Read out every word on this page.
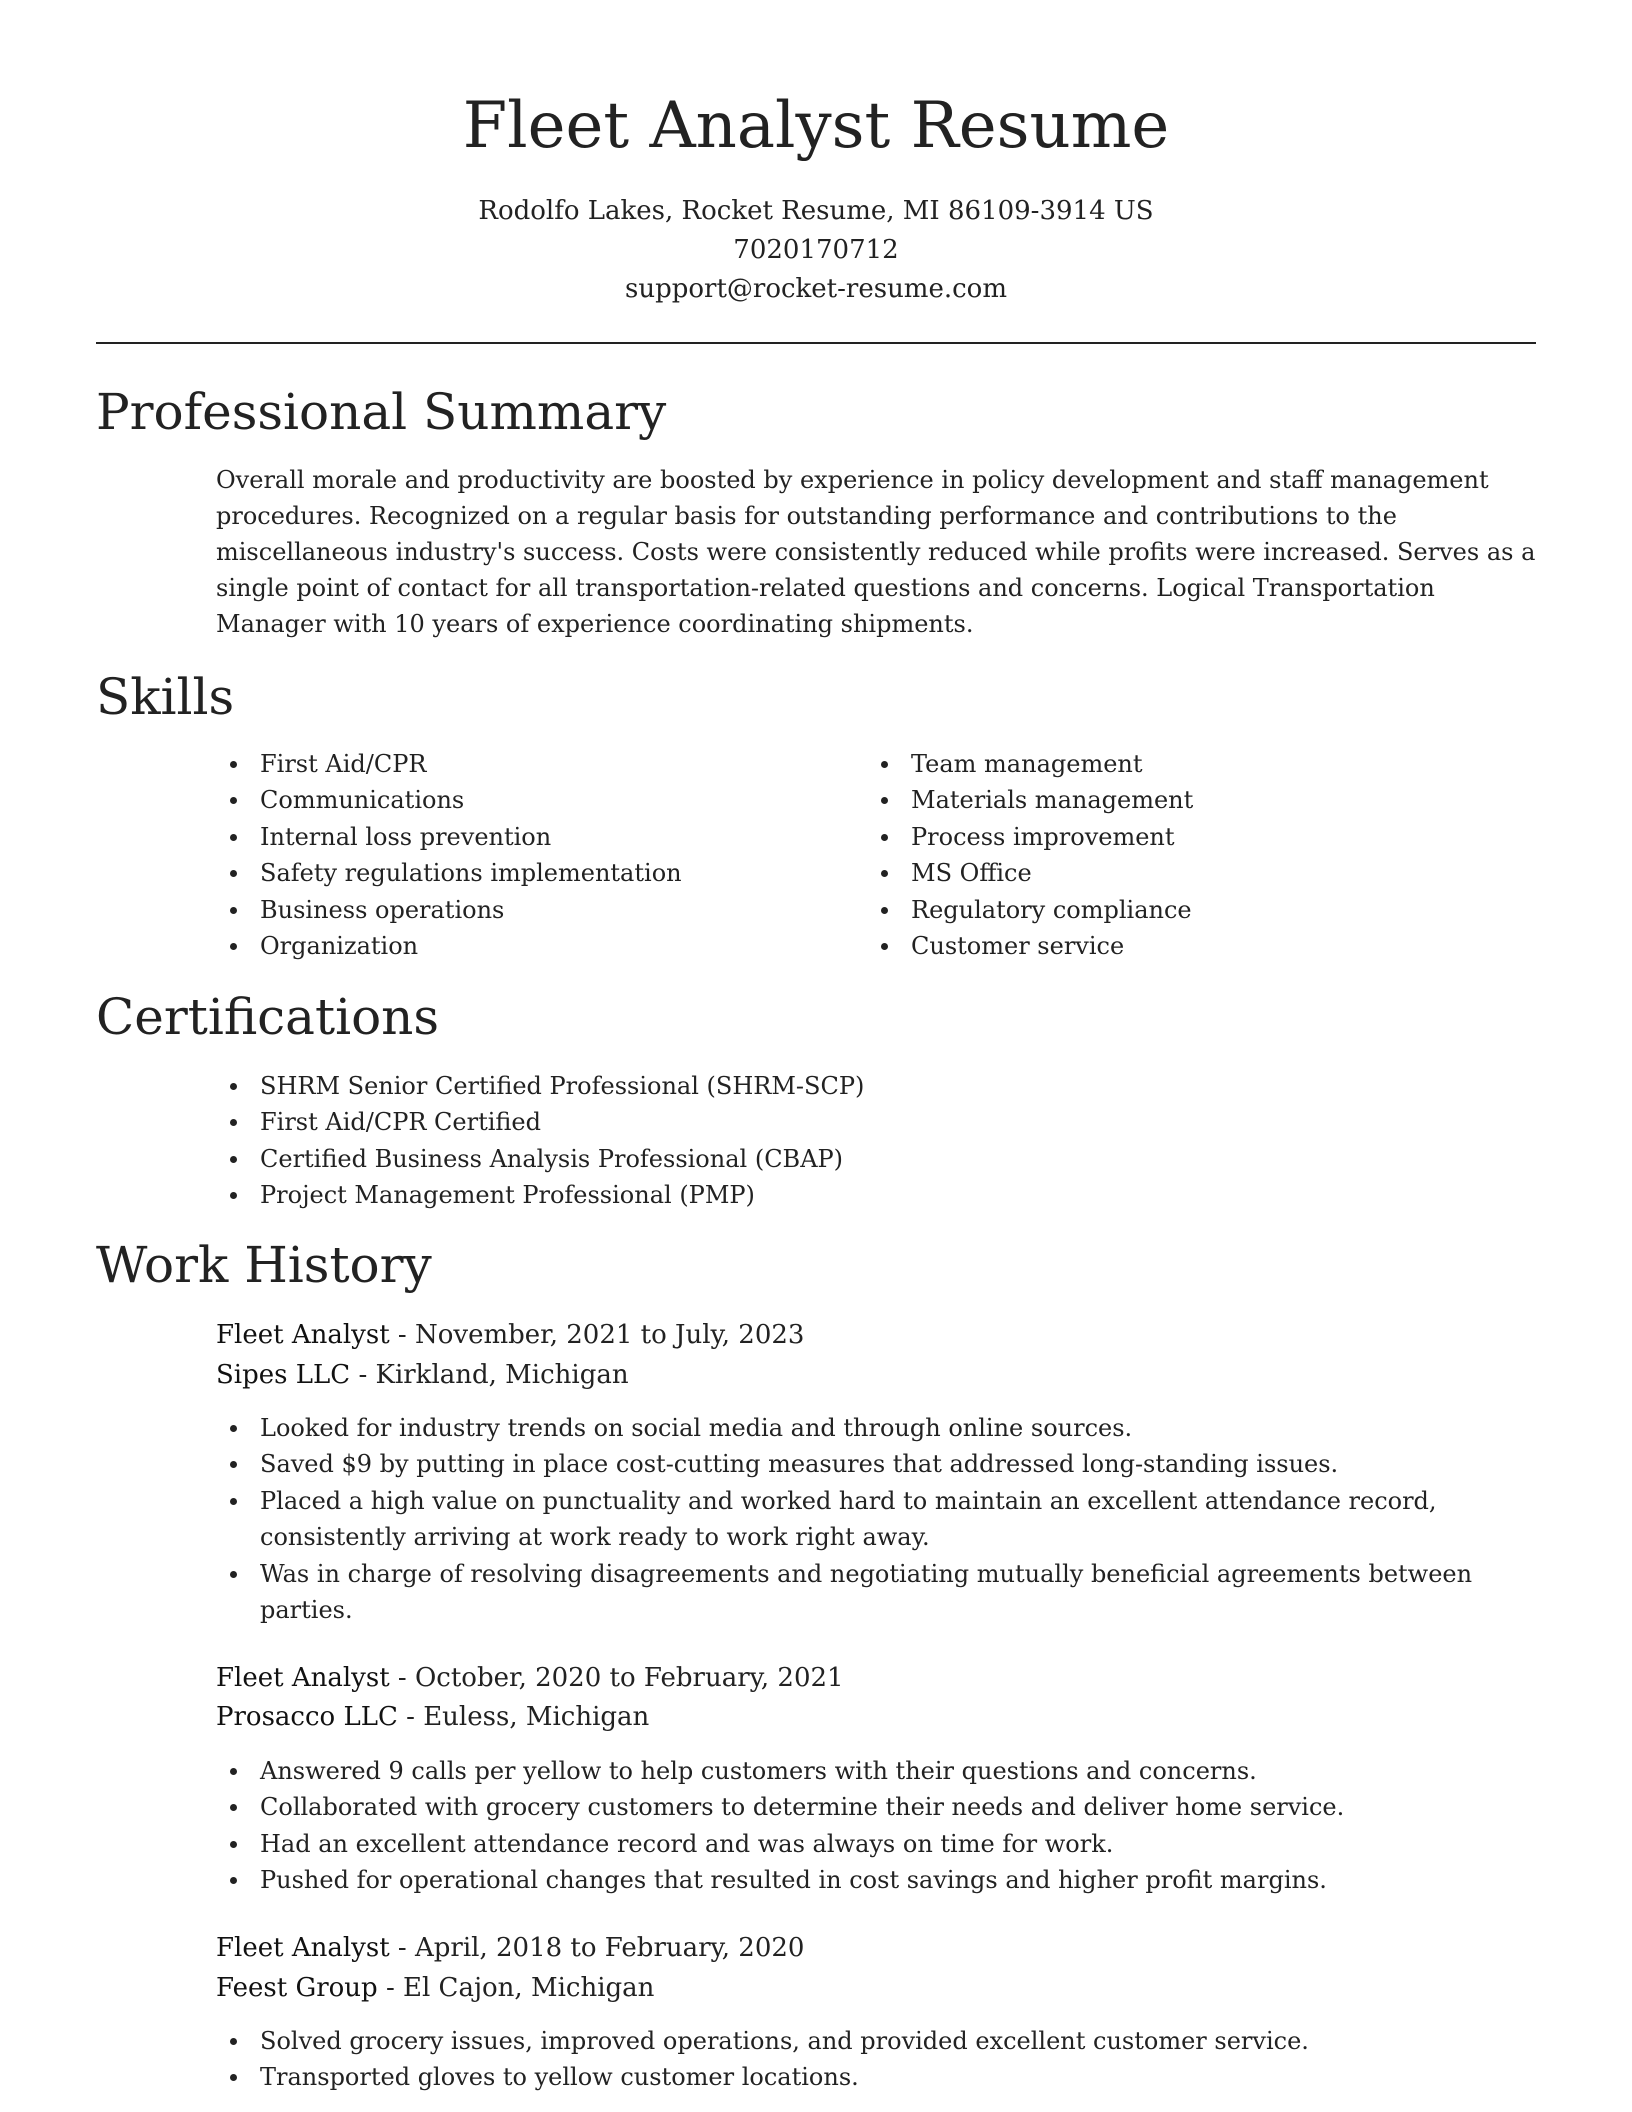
Fleet Analyst Resume
Rodolfo Lakes, Rocket Resume, MI 86109-3914 US
7020170712
support@rocket-resume.com
Professional Summary
Overall morale and productivity are boosted by experience in policy development and staff management procedures. Recognized on a regular basis for outstanding performance and contributions to the miscellaneous industry's success. Costs were consistently reduced while profits were increased. Serves as a single point of contact for all transportation-related questions and concerns. Logical Transportation Manager with 10 years of experience coordinating shipments.
Skills
First Aid/CPR
Communications
Internal loss prevention
Safety regulations implementation
Business operations
Organization
Team management
Materials management
Process improvement
MS Office
Regulatory compliance
Customer service
Certifications
SHRM Senior Certified Professional (SHRM-SCP)
First Aid/CPR Certified
Certified Business Analysis Professional (CBAP)
Project Management Professional (PMP)
Work History
Fleet Analyst - November, 2021 to July, 2023
Sipes LLC - Kirkland, Michigan
Looked for industry trends on social media and through online sources.
Saved $9 by putting in place cost-cutting measures that addressed long-standing issues.
Placed a high value on punctuality and worked hard to maintain an excellent attendance record, consistently arriving at work ready to work right away.
Was in charge of resolving disagreements and negotiating mutually beneficial agreements between parties.
Fleet Analyst - October, 2020 to February, 2021
Prosacco LLC - Euless, Michigan
Answered 9 calls per yellow to help customers with their questions and concerns.
Collaborated with grocery customers to determine their needs and deliver home service.
Had an excellent attendance record and was always on time for work.
Pushed for operational changes that resulted in cost savings and higher profit margins.
Fleet Analyst - April, 2018 to February, 2020
Feest Group - El Cajon, Michigan
Solved grocery issues, improved operations, and provided excellent customer service.
Transported gloves to yellow customer locations.
